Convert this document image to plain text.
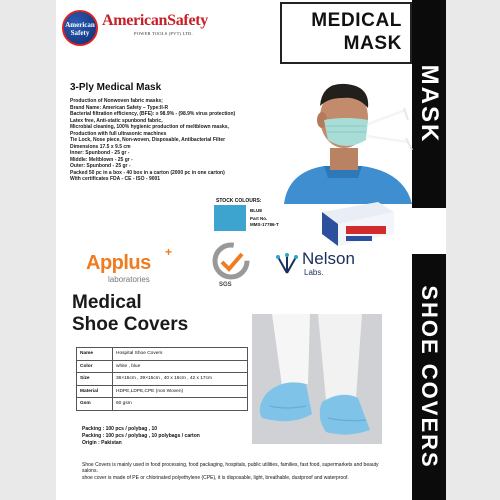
American
Safety
AmericanSafety
POWER TOOLS (PVT) LTD.
MEDICAL
MASK
MASK
SHOE COVERS
3-Ply Medical Mask
Production of Nonwoven fabric masks;
Brand Name: American Safety – Type:II-R
Bacterial filtration efficiency, (BFE): ≥ 98.9% - (98.9% virus protection)
Latex free, Anti-static spunbond fabric,
Microbial cleaning, 100% hygienic production of meltblown masks,
Production with full ultrasonic machines
Tie Lock, Nose piece, Non-woven, Disposable, Antibacterial Filter
Dimensions 17.5 x 9.5 cm
Inner: Spunbond - 25 gr -
Middle: Meltblown - 25 gr -
Outer: Spunbond - 25 gr -
Packed 50 pc in a box - 40 box in a carton (2000 pc in one carton)
With certificates FDA - CE - ISO - 9001
STOCK COLOURS:
BLUE
Part No.
MMS-17786-T
Applus +
laboratories
SGS
Nelson
Labs.
Medical
Shoe Covers
Name	Hospital Shoe Covers
Color	white , blue
Size	36×15cm , 39×15cm , 40 x 16cm , 42 x 17cm
Material	HDPE,LDPE,CPE (non Woven)
Gsm	60 gsm
Packing : 100 pcs / polybag , 10
Packing : 100 pcs / polybag , 10 polybags / carton
Origin : Pakistan
Shoe Covers is mainly used in food processing, food packaging, hospitals, public utilities, families, fast food, supermarkets and beauty salons.
shoe cover is made of PE or chlorinated polyethylene (CPE), it is disposable, light, breathable, dustproof and waterproof.
